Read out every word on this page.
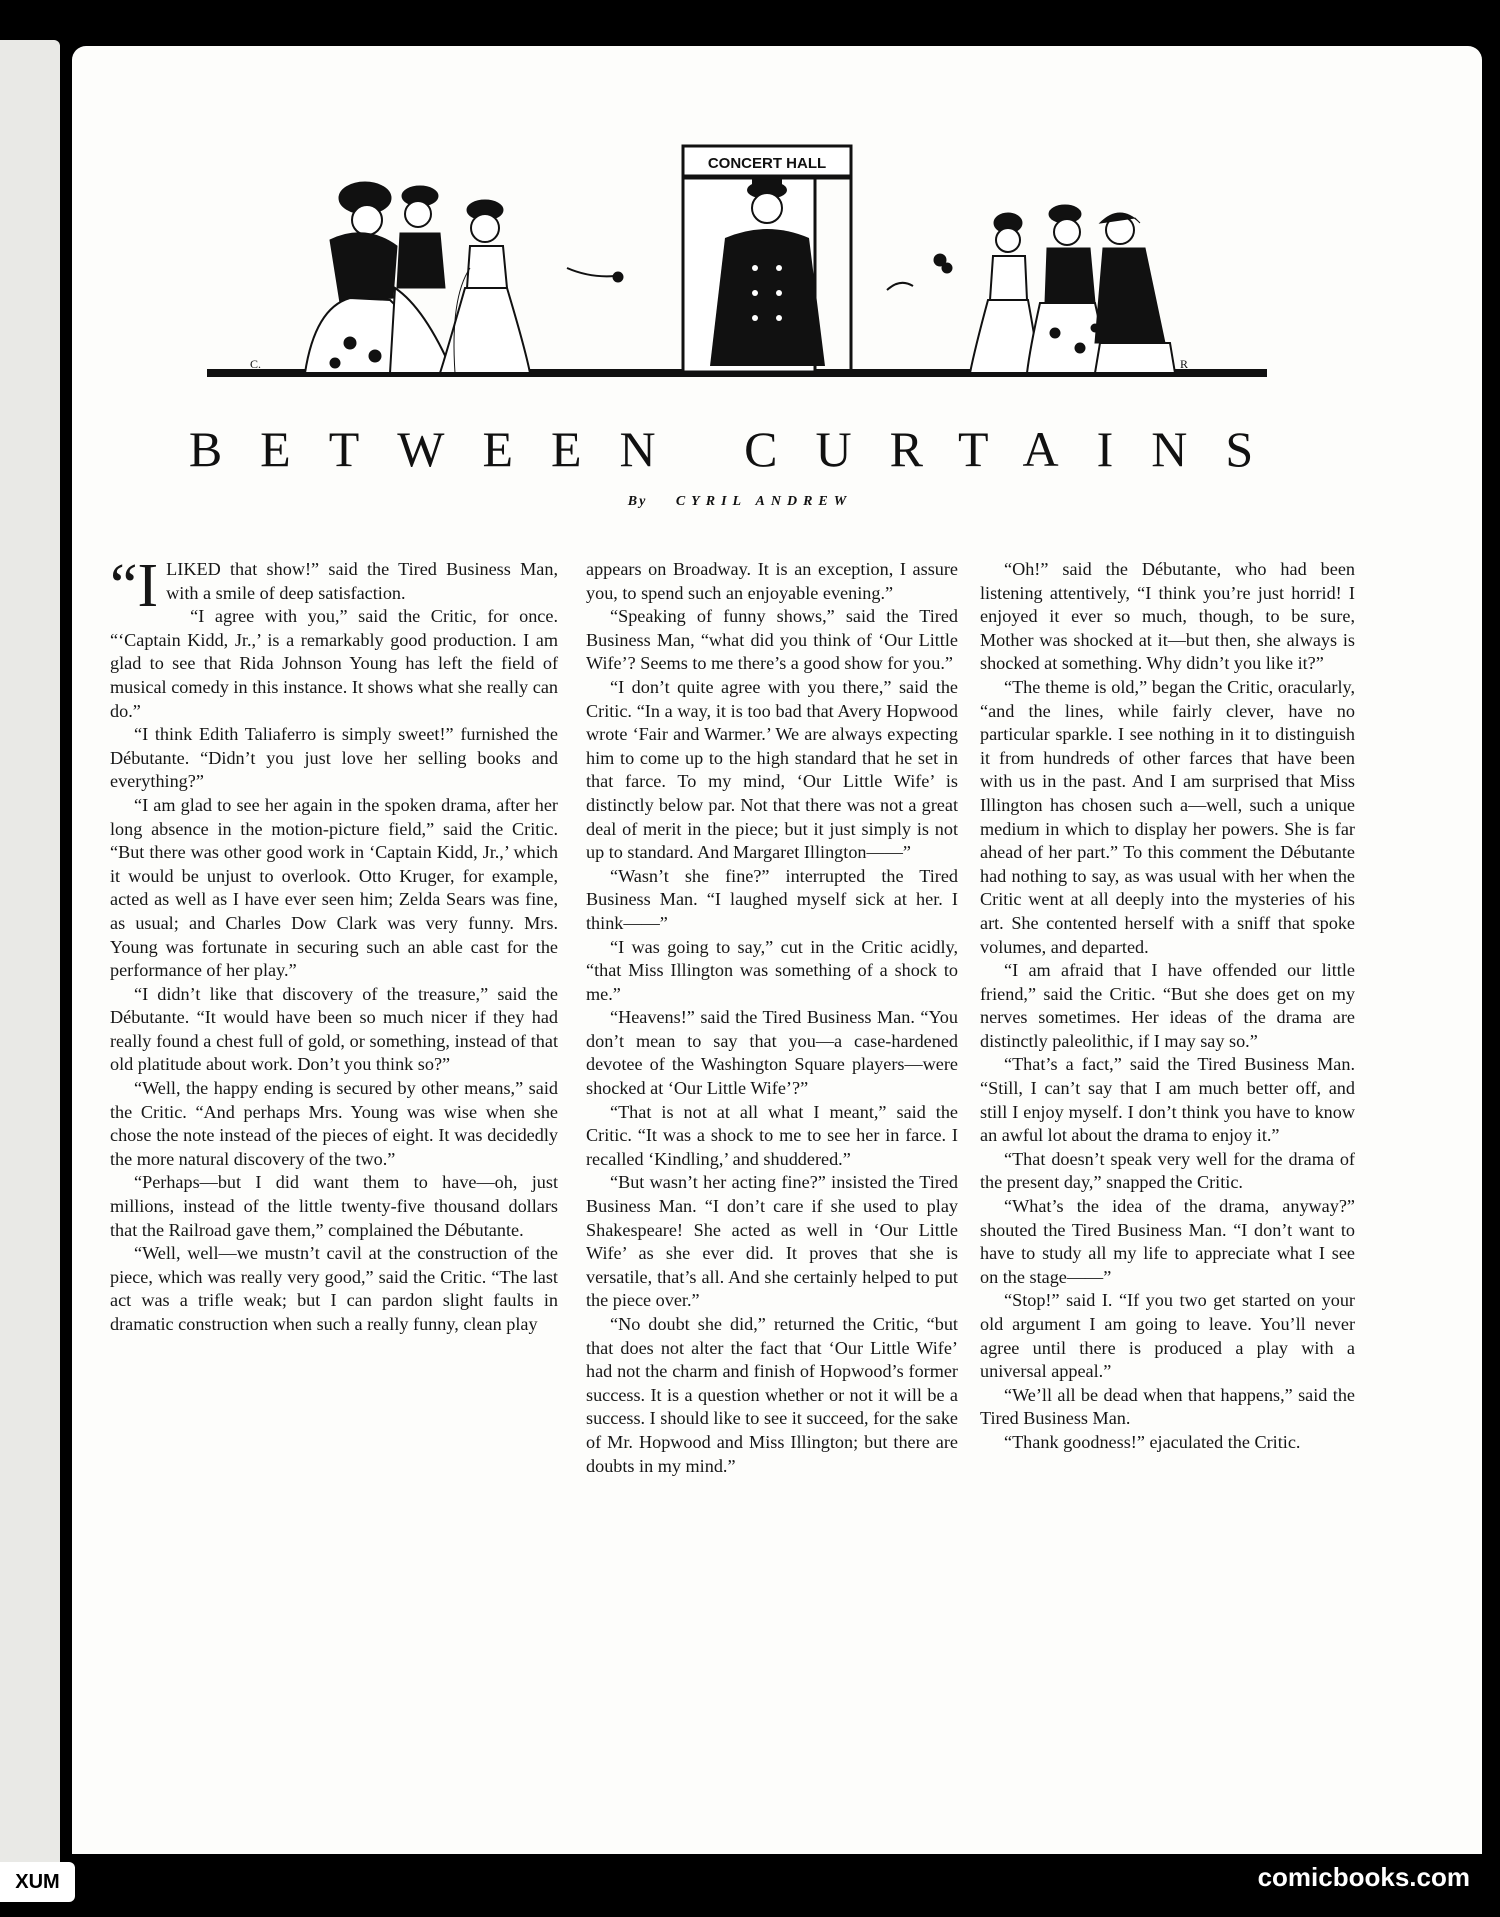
C.
CONCERT HALL
R
BETWEEN CURTAINS
By CYRIL ANDREW
“I LIKED that show!” said the Tired Business Man, with a smile of deep satisfaction.

“I agree with you,” said the Critic, for once. “‘Captain Kidd, Jr.,’ is a remarkably good production. I am glad to see that Rida Johnson Young has left the field of musical comedy in this instance. It shows what she really can do.”

“I think Edith Taliaferro is simply sweet!” furnished the Débutante. “Didn’t you just love her selling books and everything?”

“I am glad to see her again in the spoken drama, after her long absence in the motion-picture field,” said the Critic. “But there was other good work in ‘Captain Kidd, Jr.,’ which it would be unjust to overlook. Otto Kruger, for example, acted as well as I have ever seen him; Zelda Sears was fine, as usual; and Charles Dow Clark was very funny. Mrs. Young was fortunate in securing such an able cast for the performance of her play.”

“I didn’t like that discovery of the treasure,” said the Débutante. “It would have been so much nicer if they had really found a chest full of gold, or something, instead of that old platitude about work. Don’t you think so?”

“Well, the happy ending is secured by other means,” said the Critic. “And perhaps Mrs. Young was wise when she chose the note instead of the pieces of eight. It was decidedly the more natural discovery of the two.”

“Perhaps—but I did want them to have—oh, just millions, instead of the little twenty-five thousand dollars that the Railroad gave them,” complained the Débutante.

“Well, well—we mustn’t cavil at the construction of the piece, which was really very good,” said the Critic. “The last act was a trifle weak; but I can pardon slight faults in dramatic construction when such a really funny, clean play

appears on Broadway. It is an exception, I assure you, to spend such an enjoyable evening.”

“Speaking of funny shows,” said the Tired Business Man, “what did you think of ‘Our Little Wife’? Seems to me there’s a good show for you.”

“I don’t quite agree with you there,” said the Critic. “In a way, it is too bad that Avery Hopwood wrote ‘Fair and Warmer.’ We are always expecting him to come up to the high standard that he set in that farce. To my mind, ‘Our Little Wife’ is distinctly below par. Not that there was not a great deal of merit in the piece; but it just simply is not up to standard. And Margaret Illington——”

“Wasn’t she fine?” interrupted the Tired Business Man. “I laughed myself sick at her. I think——”

“I was going to say,” cut in the Critic acidly, “that Miss Illington was something of a shock to me.”

“Heavens!” said the Tired Business Man. “You don’t mean to say that you—a case-hardened devotee of the Washington Square players—were shocked at ‘Our Little Wife’?”

“That is not at all what I meant,” said the Critic. “It was a shock to me to see her in farce. I recalled ‘Kindling,’ and shuddered.”

“But wasn’t her acting fine?” insisted the Tired Business Man. “I don’t care if she used to play Shakespeare! She acted as well in ‘Our Little Wife’ as she ever did. It proves that she is versatile, that’s all. And she certainly helped to put the piece over.”

“No doubt she did,” returned the Critic, “but that does not alter the fact that ‘Our Little Wife’ had not the charm and finish of Hopwood’s former success. It is a question whether or not it will be a success. I should like to see it succeed, for the sake of Mr. Hopwood and Miss Illington; but there are doubts in my mind.”

“Oh!” said the Débutante, who had been listening attentively, “I think you’re just horrid! I enjoyed it ever so much, though, to be sure, Mother was shocked at it—but then, she always is shocked at something. Why didn’t you like it?”

“The theme is old,” began the Critic, oracularly, “and the lines, while fairly clever, have no particular sparkle. I see nothing in it to distinguish it from hundreds of other farces that have been with us in the past. And I am surprised that Miss Illington has chosen such a—well, such a unique medium in which to display her powers. She is far ahead of her part.” To this comment the Débutante had nothing to say, as was usual with her when the Critic went at all deeply into the mysteries of his art. She contented herself with a sniff that spoke volumes, and departed.

“I am afraid that I have offended our little friend,” said the Critic. “But she does get on my nerves sometimes. Her ideas of the drama are distinctly paleolithic, if I may say so.”

“That’s a fact,” said the Tired Business Man. “Still, I can’t say that I am much better off, and still I enjoy myself. I don’t think you have to know an awful lot about the drama to enjoy it.”

“That doesn’t speak very well for the drama of the present day,” snapped the Critic.

“What’s the idea of the drama, anyway?” shouted the Tired Business Man. “I don’t want to have to study all my life to appreciate what I see on the stage——”

“Stop!” said I. “If you two get started on your old argument I am going to leave. You’ll never agree until there is produced a play with a universal appeal.”

“We’ll all be dead when that happens,” said the Tired Business Man.

“Thank goodness!” ejaculated the Critic.

XUM	comicbooks.com
